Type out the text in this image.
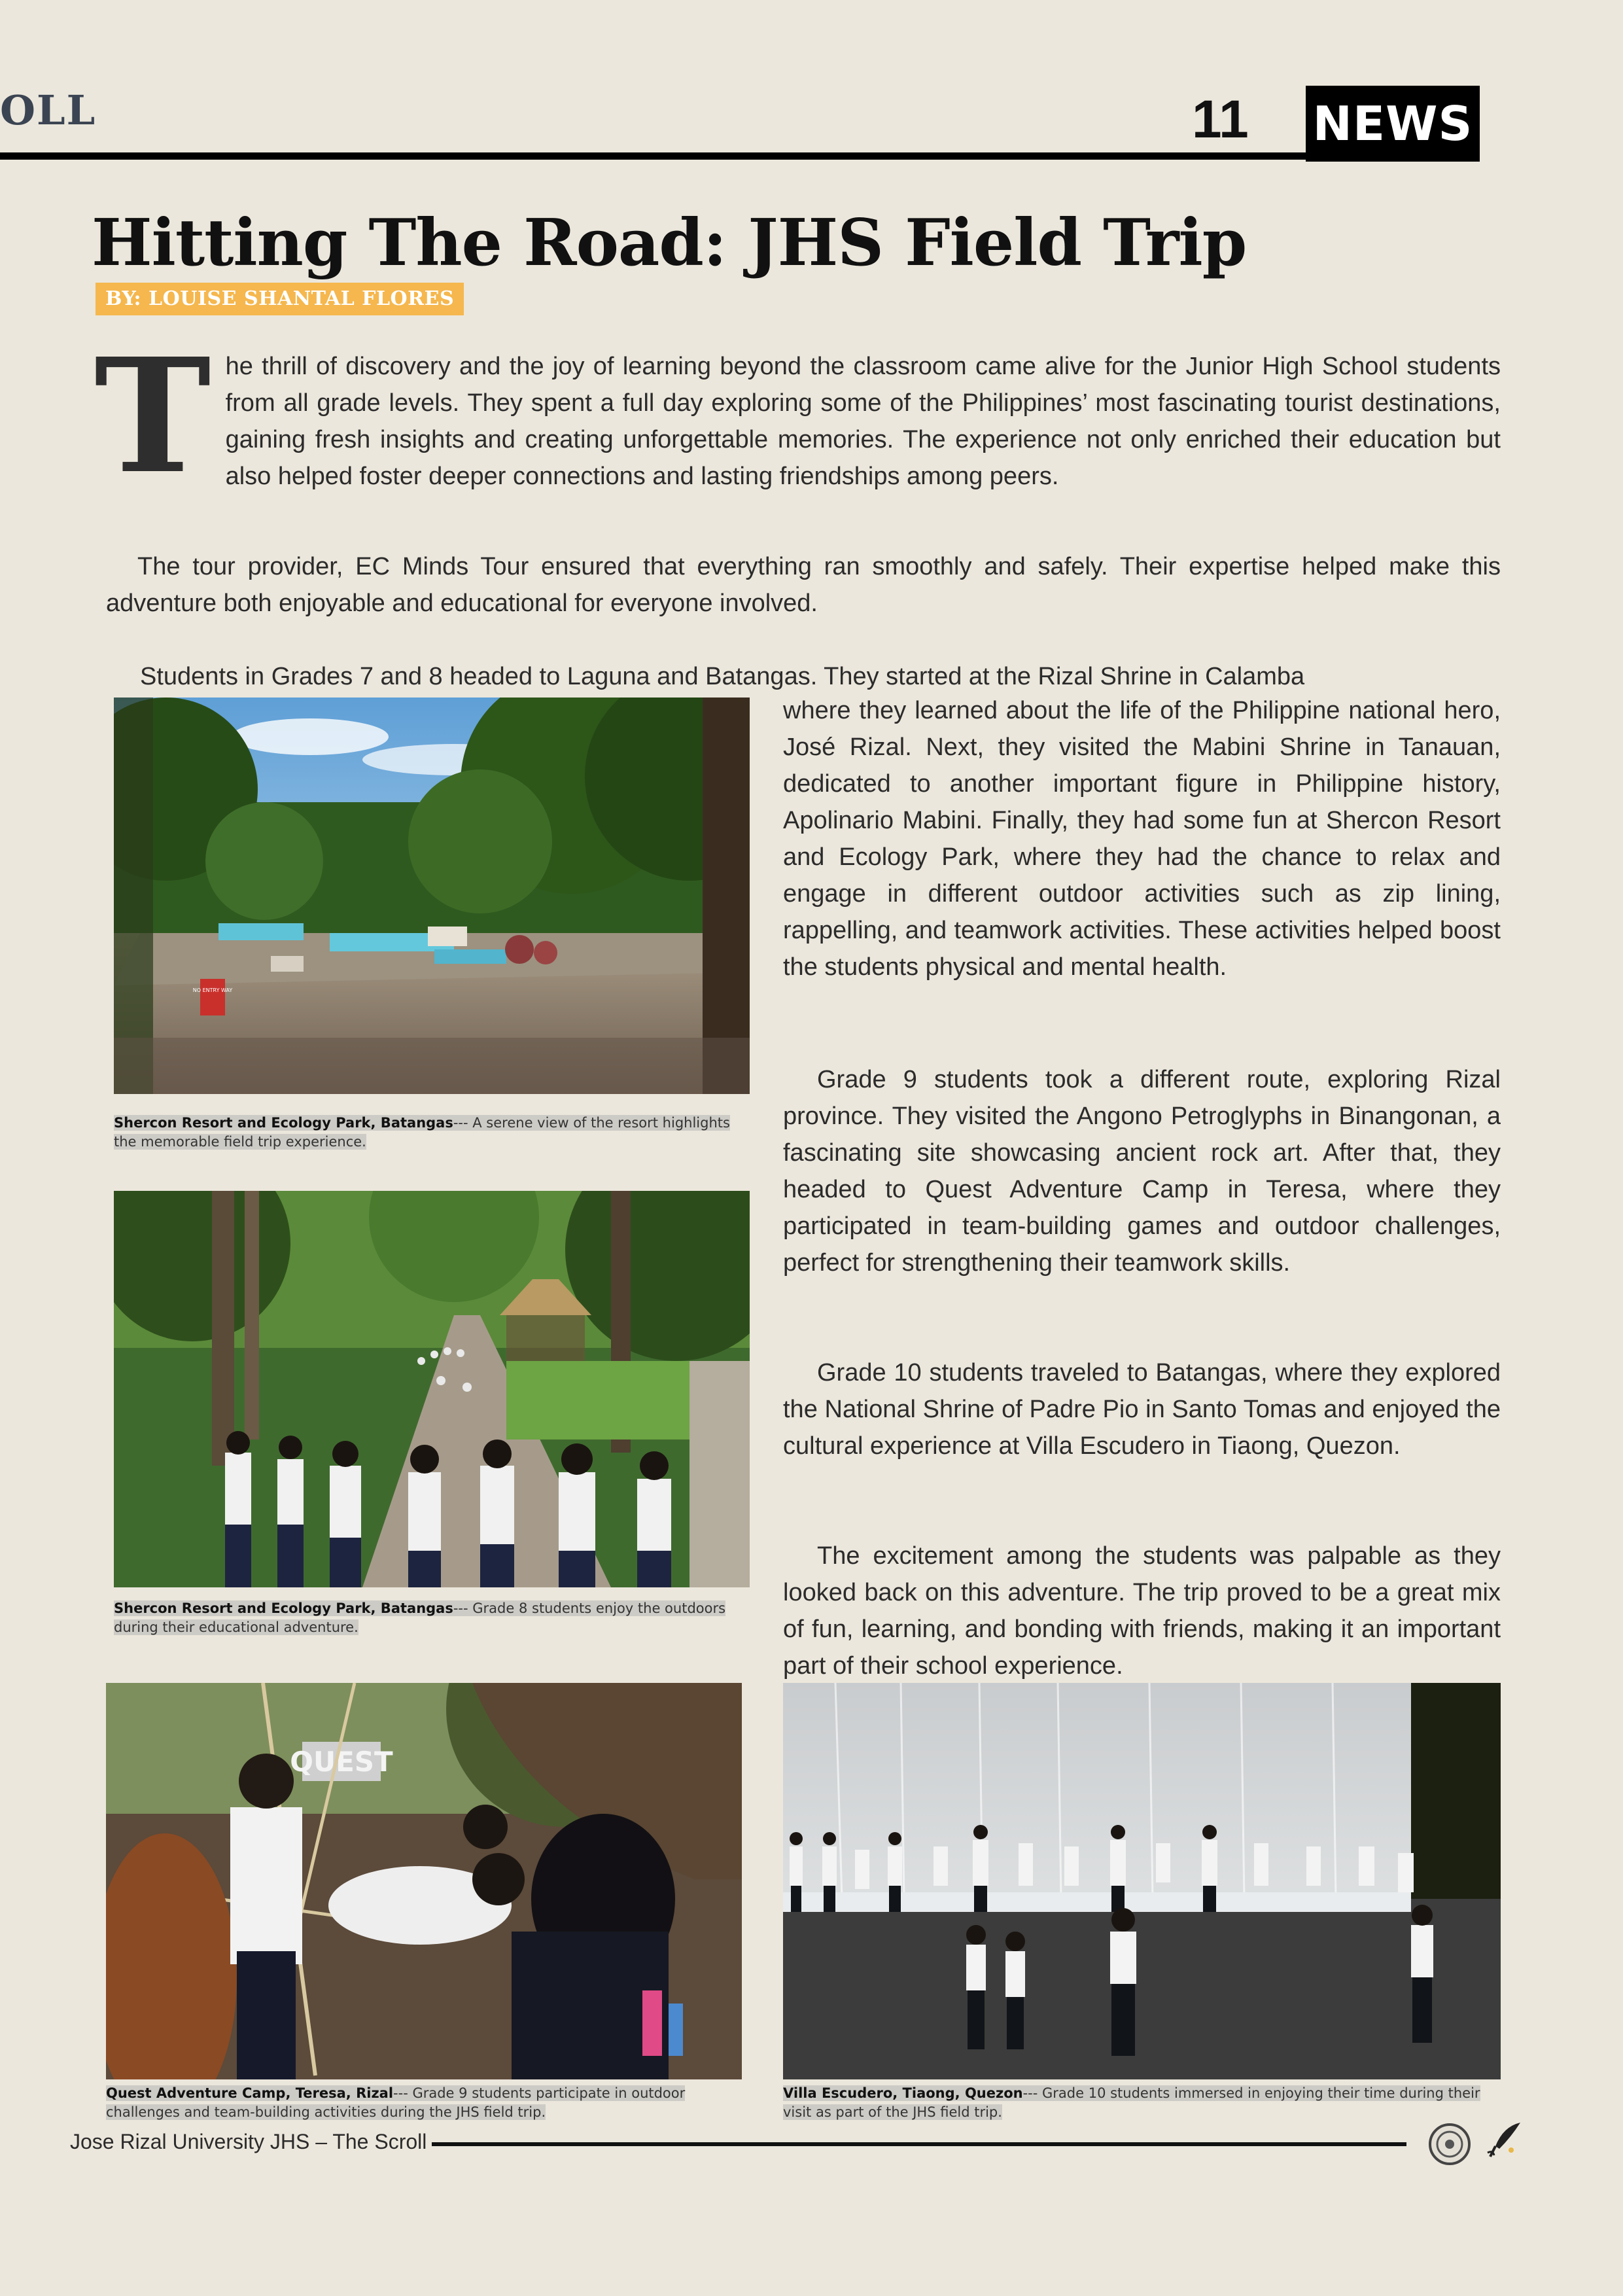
OLL	11 NEWS
Hitting The Road: JHS Field Trip
BY: LOUISE SHANTAL FLORES
T he thrill of discovery and the joy of learning beyond the classroom came alive for the Junior High School students from all grade levels. They spent a full day exploring some of the Philippines’ most fascinating tourist destinations, gaining fresh insights and creating unforgettable memories. The experience not only enriched their education but also helped foster deeper connections and lasting friendships among peers.
The tour provider, EC Minds Tour ensured that everything ran smoothly and safely. Their expertise helped make this adventure both enjoyable and educational for everyone involved.
Students in Grades 7 and 8 headed to Laguna and Batangas. They started at the Rizal Shrine in Calamba
where they learned about the life of the Philippine national hero, José Rizal. Next, they visited the Mabini Shrine in Tanauan, dedicated to another important figure in Philippine history, Apolinario Mabini. Finally, they had some fun at Shercon Resort and Ecology Park, where they had the chance to relax and engage in different outdoor activities such as zip lining, rappelling, and teamwork activities. These activities helped boost the students physical and mental health.
Grade 9 students took a different route, exploring Rizal province. They visited the Angono Petroglyphs in Binangonan, a fascinating site showcasing ancient rock art. After that, they headed to Quest Adventure Camp in Teresa, where they participated in team-building games and outdoor challenges, perfect for strengthening their teamwork skills.
Grade 10 students traveled to Batangas, where they explored the National Shrine of Padre Pio in Santo Tomas and enjoyed the cultural experience at Villa Escudero in Tiaong, Quezon.
The excitement among the students was palpable as they looked back on this adventure. The trip proved to be a great mix of fun, learning, and bonding with friends, making it an important part of their school experience.
NO ENTRY WAY
Shercon Resort and Ecology Park, Batangas--- A serene view of the resort highlights the memorable field trip experience.
Shercon Resort and Ecology Park, Batangas--- Grade 8 students enjoy the outdoors during their educational adventure.
QUEST
Quest Adventure Camp, Teresa, Rizal--- Grade 9 students participate in outdoor challenges and team-building activities during the JHS field trip.
Villa Escudero, Tiaong, Quezon--- Grade 10 students immersed in enjoying their time during their visit as part of the JHS field trip.
Jose Rizal University JHS – The Scroll
